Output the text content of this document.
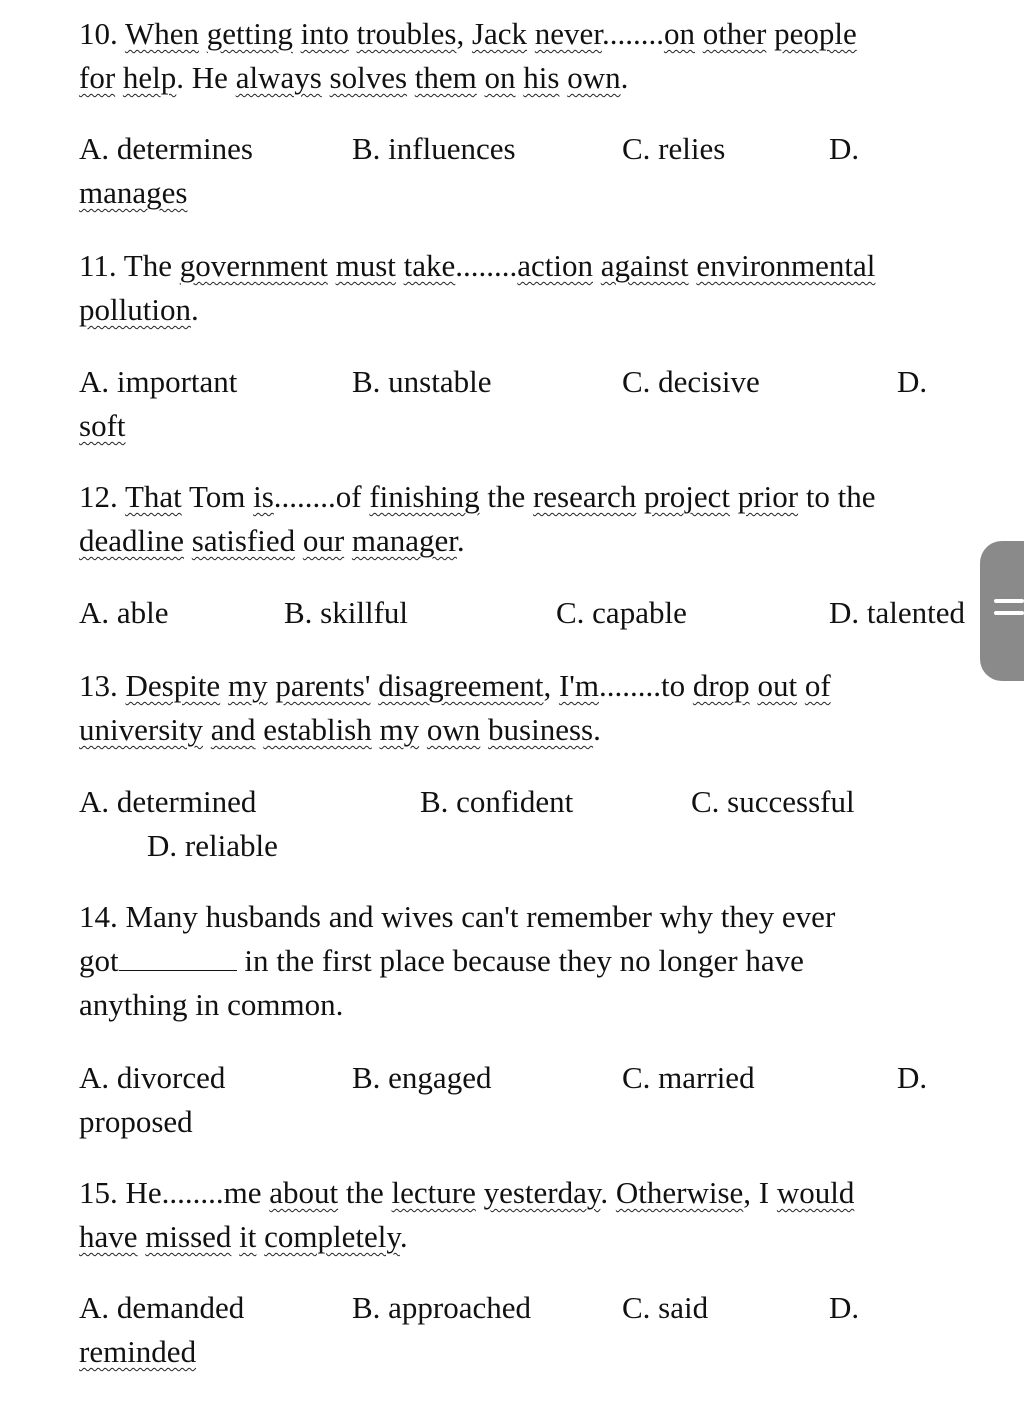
10. When getting into troubles, Jack never........on other people
for help. He always solves them on his own.
A. determines	B. influences	C. relies	D.
manages
11. The government must take........action against environmental
pollution.
A. important	B. unstable	C. decisive	D.
soft
12. That Tom is........of finishing the research project prior to the
deadline satisfied our manager.
A. able	B. skillful	C. capable	D. talented
13. Despite my parents' disagreement, I'm........to drop out of
university and establish my own business.
A. determined	B. confident	C. successful
D. reliable
14. Many husbands and wives can't remember why they ever
got	in the first place because they no longer have
anything in common.
A. divorced	B. engaged	C. married	D.
proposed
15. He........me about the lecture yesterday. Otherwise, I would
have missed it completely.
A. demanded	B. approached	C. said	D.
reminded
